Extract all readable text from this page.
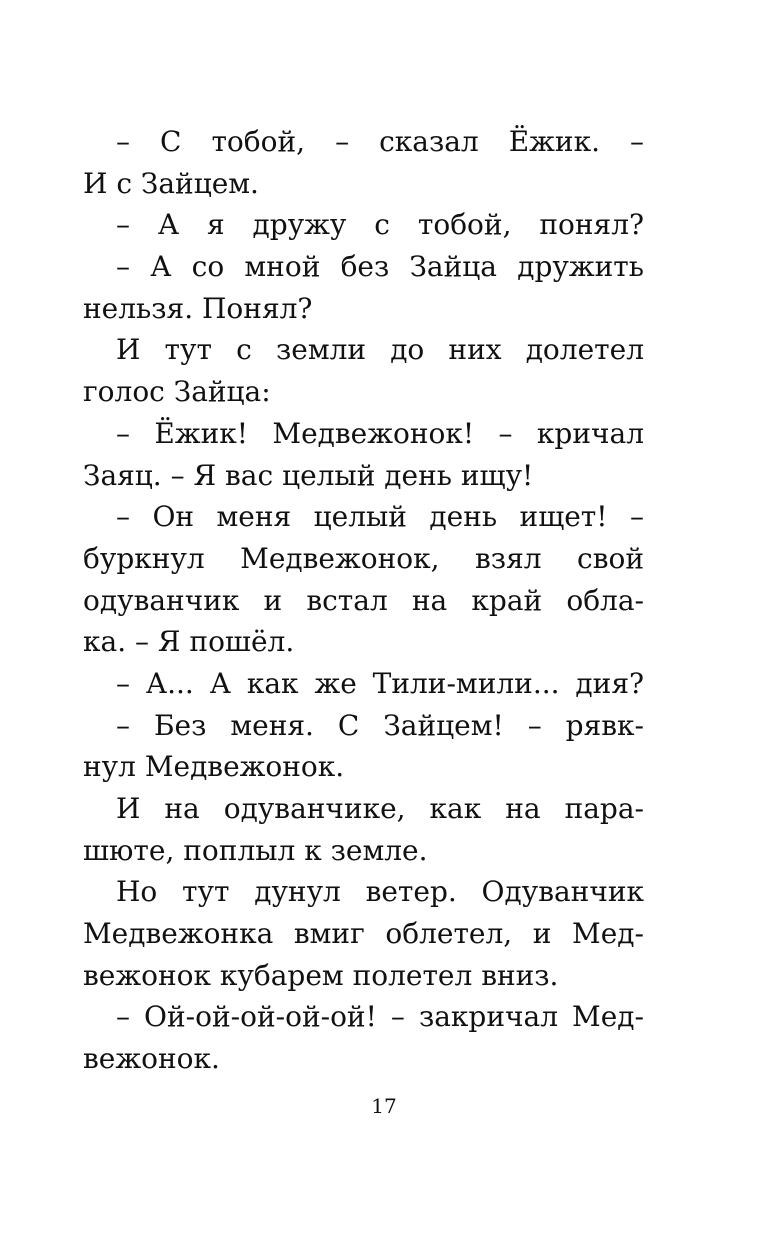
– С тобой, – сказал Ёжик. –
И с Зайцем.
– А я дружу с тобой, понял?
– А со мной без Зайца дружить
нельзя. Понял?
И тут с земли до них долетел
голос Зайца:
– Ёжик! Медвежонок! – кричал
Заяц. – Я вас целый день ищу!
– Он меня целый день ищет! –
буркнул Медвежонок, взял свой
одуванчик и встал на край обла-
ка. – Я пошёл.
– А... А как же Тили-мили... дия?
– Без меня. С Зайцем! – рявк-
нул Медвежонок.
И на одуванчике, как на пара-
шюте, поплыл к земле.
Но тут дунул ветер. Одуванчик
Медвежонка вмиг облетел, и Мед-
вежонок кубарем полетел вниз.
– Ой-ой-ой-ой-ой! – закричал Мед-
вежонок.
17
